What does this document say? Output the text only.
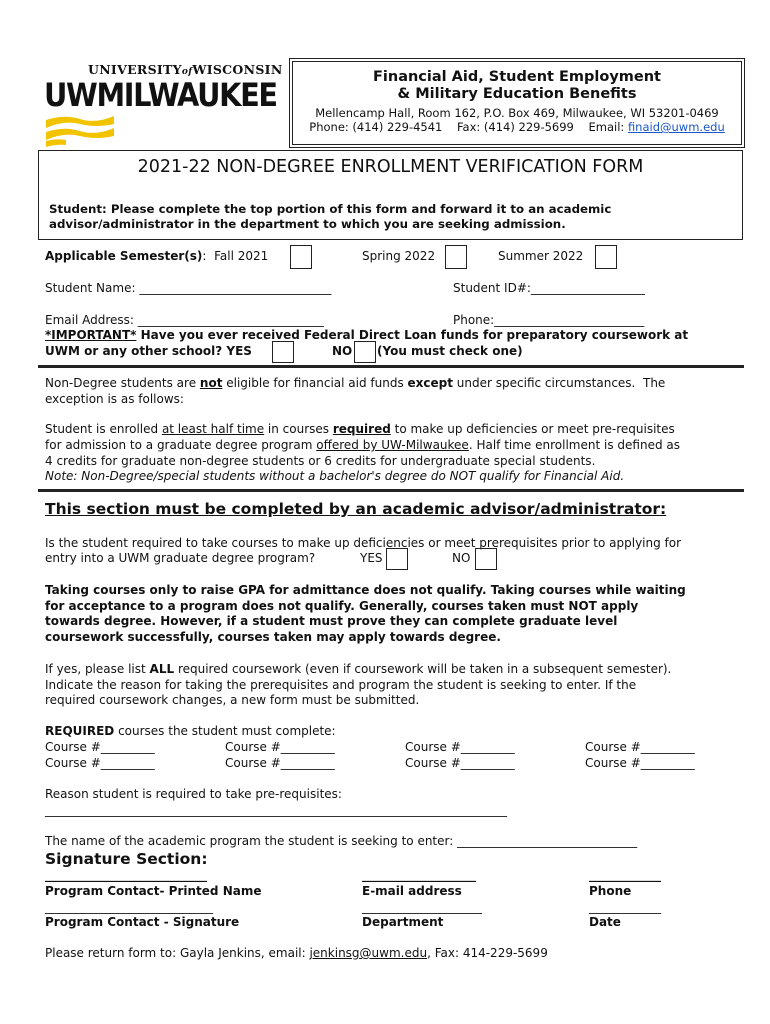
UNIVERSITYofWISCONSIN
UWMILWAUKEE	Financial Aid, Student Employment
& Military Education Benefits
Mellencamp Hall, Room 162, P.O. Box 469, Milwaukee, WI 53201-0469
Phone: (414) 229-4541    Fax: (414) 229-5699    Email: finaid@uwm.edu
2021-22 NON-DEGREE ENROLLMENT VERIFICATION FORM
Student: Please complete the top portion of this form and forward it to an academic
advisor/administrator in the department to which you are seeking admission.
Applicable Semester(s):  Fall 2021	Spring 2022	Summer 2022
Student Name: ________________________________	Student ID#:___________________
Email Address: _______________________________	Phone:_________________________
*IMPORTANT* Have you ever received Federal Direct Loan funds for preparatory coursework at
UWM or any other school? YES	NO (You must check one)
Non-Degree students are not eligible for financial aid funds except under specific circumstances.  The
exception is as follows:
Student is enrolled at least half time in courses required to make up deficiencies or meet pre-requisites
for admission to a graduate degree program offered by UW-Milwaukee. Half time enrollment is defined as
4 credits for graduate non-degree students or 6 credits for undergraduate special students.
Note: Non-Degree/special students without a bachelor's degree do NOT qualify for Financial Aid.
This section must be completed by an academic advisor/administrator:
Is the student required to take courses to make up deficiencies or meet prerequisites prior to applying for
entry into a UWM graduate degree program?	YES	NO
Taking courses only to raise GPA for admittance does not qualify. Taking courses while waiting
for acceptance to a program does not qualify. Generally, courses taken must NOT apply
towards degree. However, if a student must prove they can complete graduate level
coursework successfully, courses taken may apply towards degree.
If yes, please list ALL required coursework (even if coursework will be taken in a subsequent semester).
Indicate the reason for taking the prerequisites and program the student is seeking to enter. If the
required coursework changes, a new form must be submitted.
REQUIRED courses the student must complete:
Course #_________	Course #_________	Course #_________	Course #_________
Course #_________	Course #_________	Course #_________	Course #_________
Reason student is required to take pre-requisites:
_____________________________________________________________________________
The name of the academic program the student is seeking to enter: ______________________________
Signature Section:
___________________________	___________________	____________
Program Contact- Printed Name	E-mail address	Phone
____________________________	____________________	____________
Program Contact - Signature	Department	Date
Please return form to: Gayla Jenkins, email: jenkinsg@uwm.edu, Fax: 414-229-5699
